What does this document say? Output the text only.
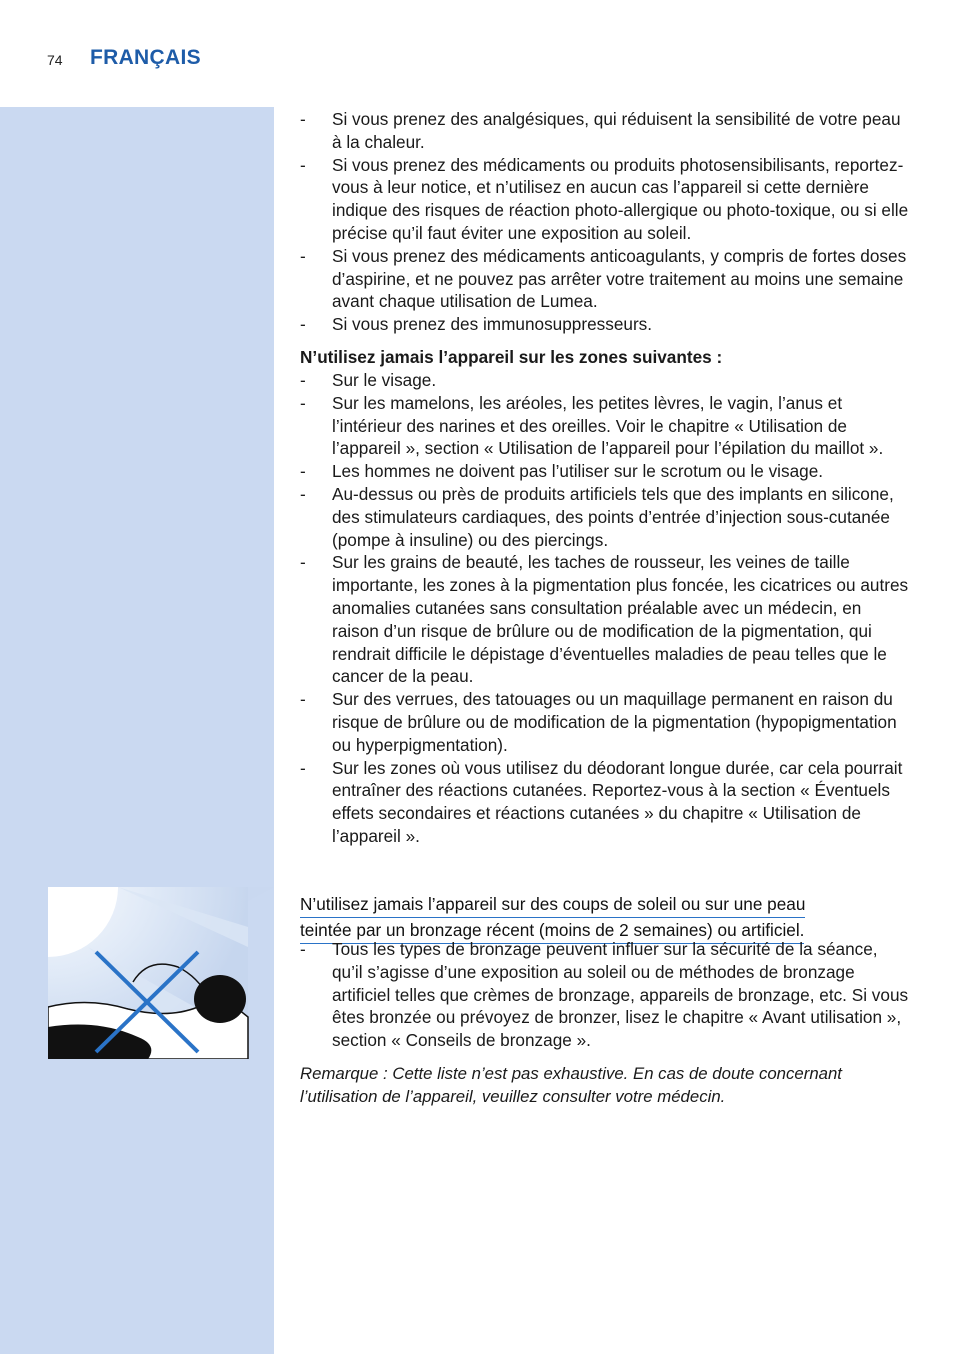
74 FRANÇAIS
- Si vous prenez des analgésiques, qui réduisent la sensibilité de votre peau à la chaleur.
- Si vous prenez des médicaments ou produits photosensibilisants, reportez-vous à leur notice, et n’utilisez en aucun cas l’appareil si cette dernière indique des risques de réaction photo-allergique ou photo-toxique, ou si elle précise qu’il faut éviter une exposition au soleil.
- Si vous prenez des médicaments anticoagulants, y compris de fortes doses d’aspirine, et ne pouvez pas arrêter votre traitement au moins une semaine avant chaque utilisation de Lumea.
- Si vous prenez des immunosuppresseurs.
N’utilisez jamais l’appareil sur les zones suivantes :
- Sur le visage.
- Sur les mamelons, les aréoles, les petites lèvres, le vagin, l’anus et l’intérieur des narines et des oreilles. Voir le chapitre « Utilisation de l’appareil », section « Utilisation de l’appareil pour l’épilation du maillot ».
- Les hommes ne doivent pas l’utiliser sur le scrotum ou le visage.
- Au-dessus ou près de produits artificiels tels que des implants en silicone, des stimulateurs cardiaques, des points d’entrée d’injection sous-cutanée (pompe à insuline) ou des piercings.
- Sur les grains de beauté, les taches de rousseur, les veines de taille importante, les zones à la pigmentation plus foncée, les cicatrices ou autres anomalies cutanées sans consultation préalable avec un médecin, en raison d’un risque de brûlure ou de modification de la pigmentation, qui rendrait difficile le dépistage d’éventuelles maladies de peau telles que le cancer de la peau.
- Sur des verrues, des tatouages ou un maquillage permanent en raison du risque de brûlure ou de modification de la pigmentation (hypopigmentation ou hyperpigmentation).
- Sur les zones où vous utilisez du déodorant longue durée, car cela pourrait entraîner des réactions cutanées. Reportez-vous à la section « Éventuels effets secondaires et réactions cutanées » du chapitre « Utilisation de l’appareil ».
N’utilisez jamais l’appareil sur des coups de soleil ou sur une peau
teintée par un bronzage récent (moins de 2 semaines) ou artificiel.
- Tous les types de bronzage peuvent influer sur la sécurité de la séance, qu’il s’agisse d’une exposition au soleil ou de méthodes de bronzage artificiel telles que crèmes de bronzage, appareils de bronzage, etc. Si vous êtes bronzée ou prévoyez de bronzer, lisez le chapitre « Avant utilisation », section « Conseils de bronzage ».
Remarque : Cette liste n’est pas exhaustive. En cas de doute concernant l’utilisation de l’appareil, veuillez consulter votre médecin.
